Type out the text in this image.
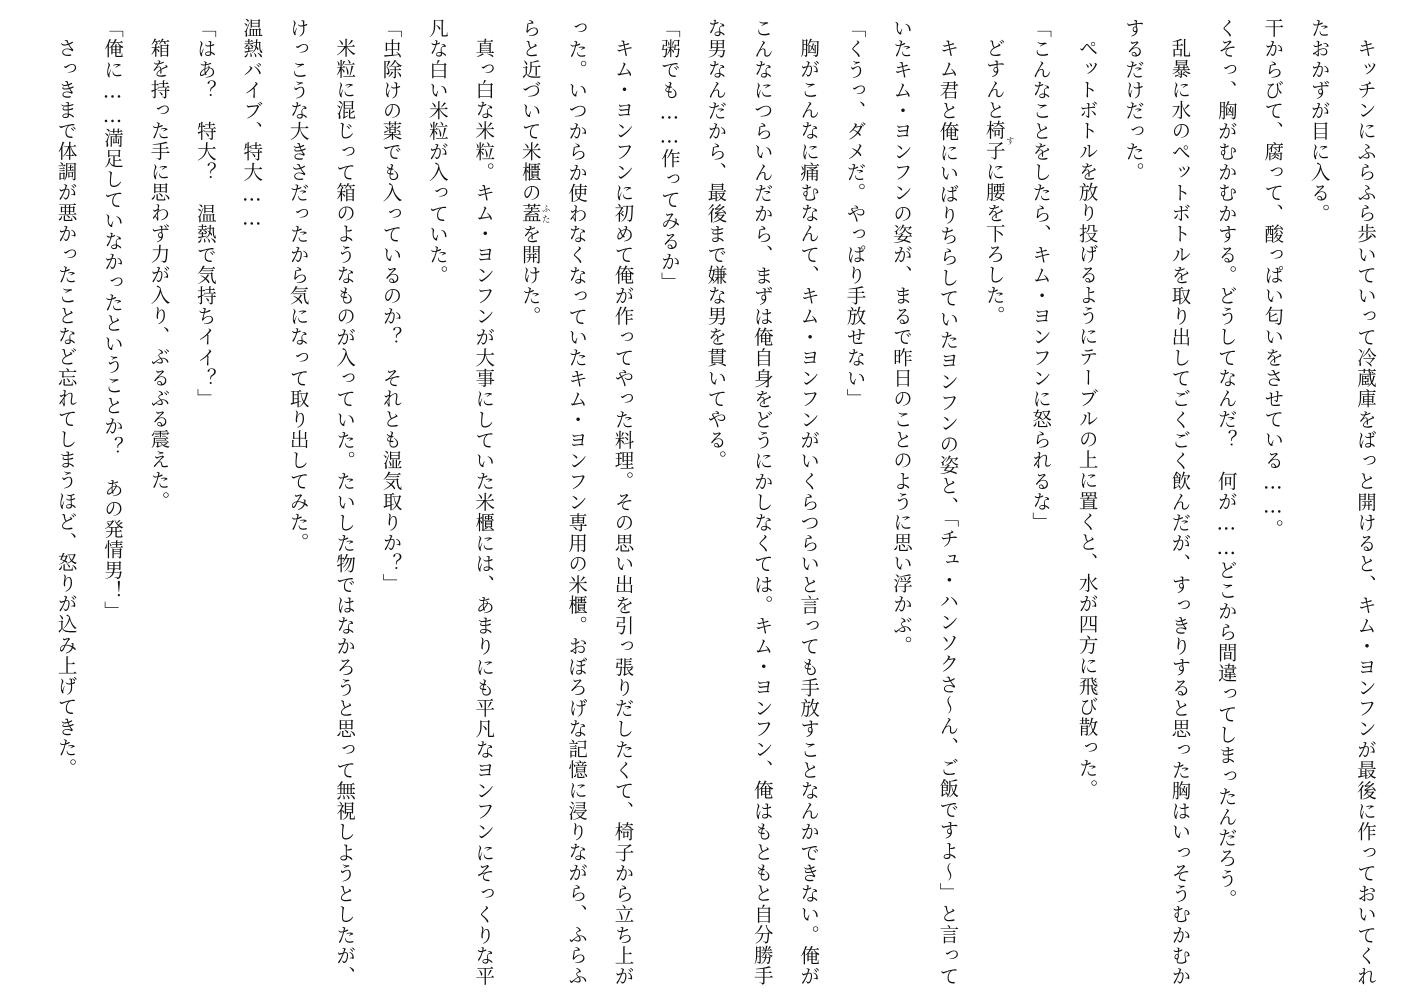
キッチンにふらふら歩いていって冷蔵庫をばっと開けると、キム・ヨンフンが最後に作っておいてくれたおかずが目に入る。

干からびて、腐って、酸っぱい匂いをさせている……。

くそっ、胸がむかむかする。どうしてなんだ？　何が……どこから間違ってしまったんだろう。

乱暴に水のペットボトルを取り出してごくごく飲んだが、すっきりすると思った胸はいっそうむかむかするだけだった。

ペットボトルを放り投げるようにテーブルの上に置くと、水が四方に飛び散った。

「こんなことをしたら、キム・ヨンフンに怒られるな」

どすんと椅子すに腰を下ろした。

キム君と俺にいばりちらしていたヨンフンの姿と、「チュ・ハンソクさ～ん、ご飯ですよ～」と言っていたキム・ヨンフンの姿が、まるで昨日のことのように思い浮かぶ。

「くうっ、ダメだ。やっぱり手放せない」

胸がこんなに痛むなんて、キム・ヨンフンがいくらつらいと言っても手放すことなんかできない。俺がこんなにつらいんだから、まずは俺自身をどうにかしなくては。キム・ヨンフン、俺はもともと自分勝手な男なんだから、最後まで嫌な男を貫いてやる。

「粥でも……作ってみるか」

キム・ヨンフンに初めて俺が作ってやった料理。その思い出を引っ張りだしたくて、椅子から立ち上がった。いつからか使わなくなっていたキム・ヨンフン専用の米櫃。おぼろげな記憶に浸りながら、ふらふらと近づいて米櫃の蓋ふたを開けた。

真っ白な米粒。キム・ヨンフンが大事にしていた米櫃には、あまりにも平凡なヨンフンにそっくりな平凡な白い米粒が入っていた。

「虫除けの薬でも入っているのか？　それとも湿気取りか？」

米粒に混じって箱のようなものが入っていた。たいした物ではなかろうと思って無視しようとしたが、けっこうな大きさだったから気になって取り出してみた。

温熱バイブ、特大……

「はあ？　特大？　温熱で気持ちイイ？」

箱を持った手に思わず力が入り、ぶるぶる震えた。

「俺に……満足していなかったということか？　あの発情男！」

さっきまで体調が悪かったことなど忘れてしまうほど、怒りが込み上げてきた。
